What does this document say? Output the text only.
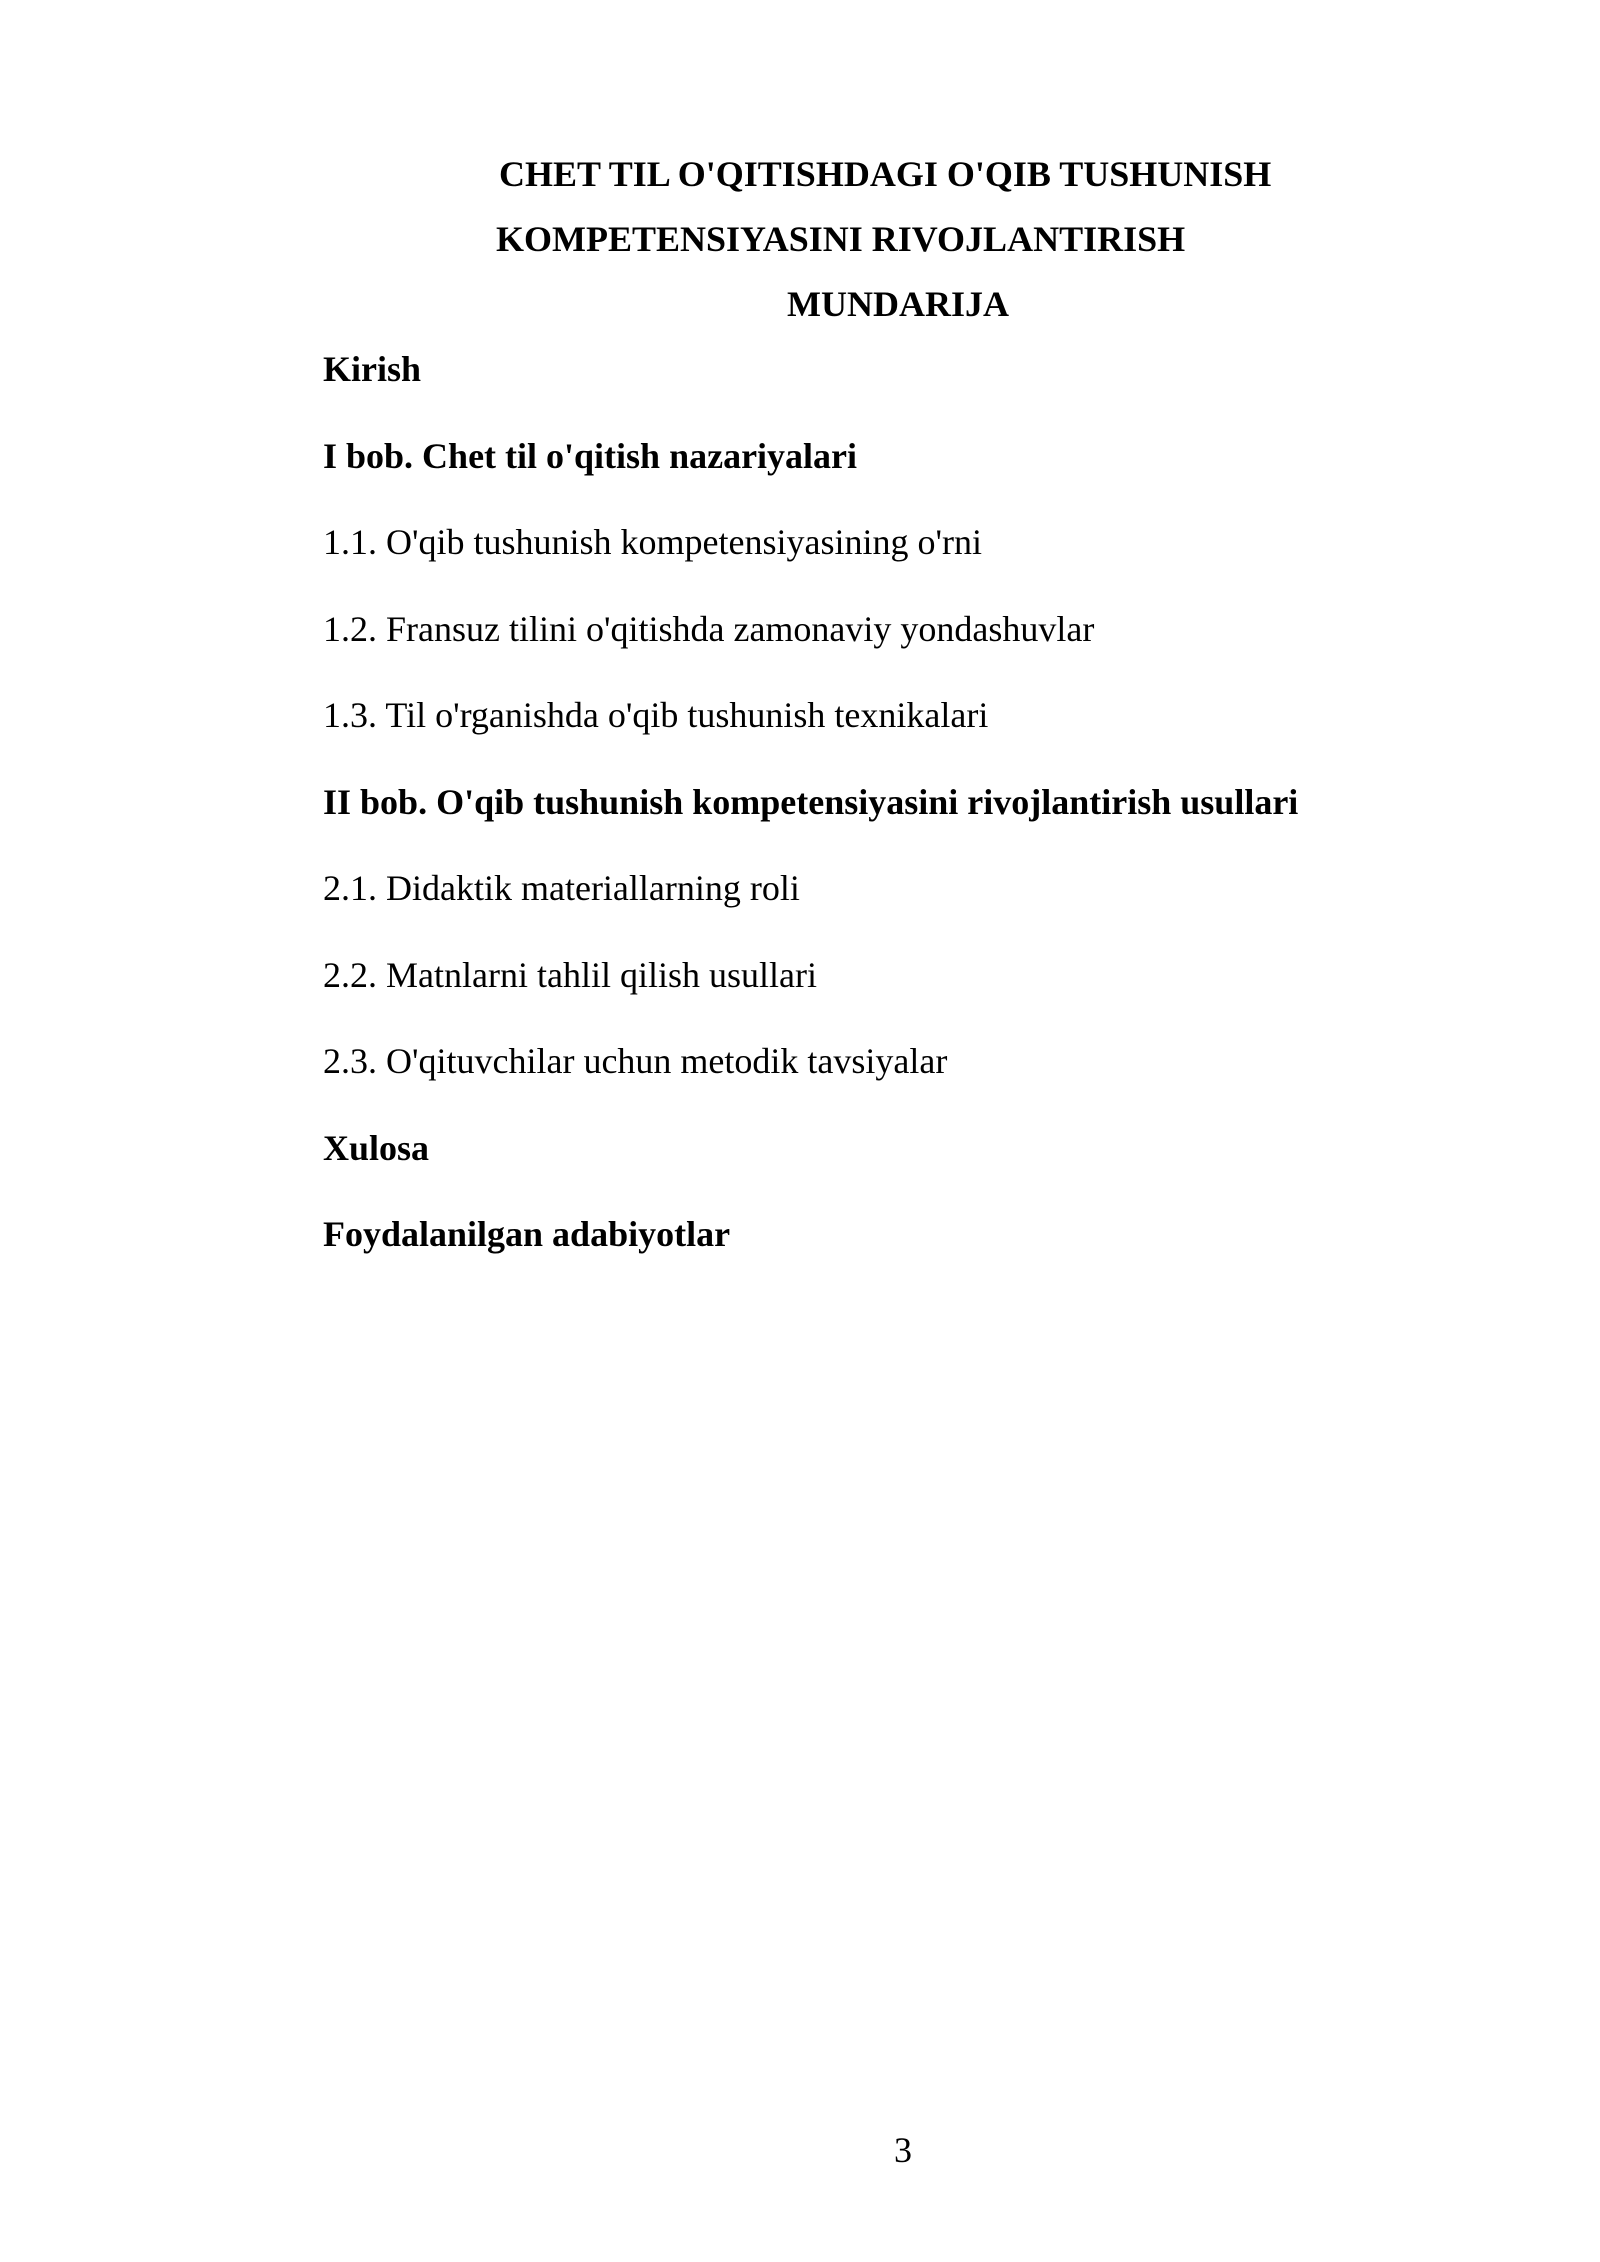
CHET TIL O'QITISHDAGI O'QIB TUSHUNISH
KOMPETENSIYASINI RIVOJLANTIRISH
MUNDARIJA
Kirish
I bob. Chet til o'qitish nazariyalari
1.1. O'qib tushunish kompetensiyasining o'rni
1.2. Fransuz tilini o'qitishda zamonaviy yondashuvlar
1.3. Til o'rganishda o'qib tushunish texnikalari
II bob. O'qib tushunish kompetensiyasini rivojlantirish usullari
2.1. Didaktik materiallarning roli
2.2. Matnlarni tahlil qilish usullari
2.3. O'qituvchilar uchun metodik tavsiyalar
Xulosa
Foydalanilgan adabiyotlar
3
